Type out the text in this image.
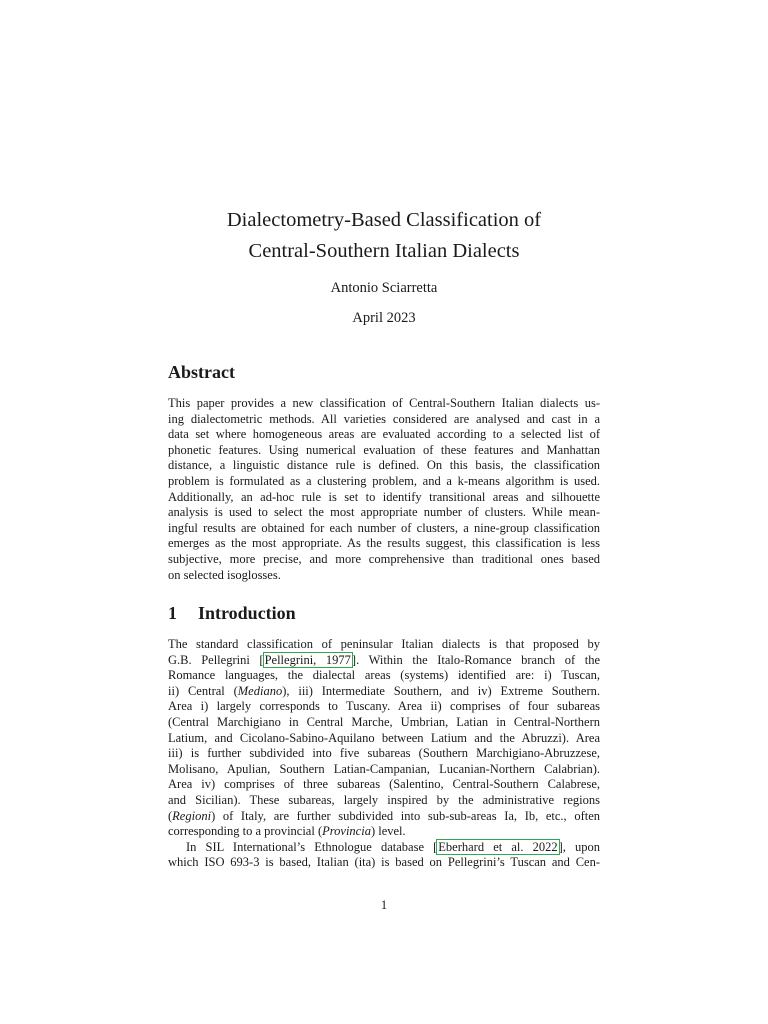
Dialectometry-Based Classification of
Central-Southern Italian Dialects
Antonio Sciarretta
April 2023
Abstract
This paper provides a new classification of Central-Southern Italian dialects us-
ing dialectometric methods. All varieties considered are analysed and cast in a
data set where homogeneous areas are evaluated according to a selected list of
phonetic features. Using numerical evaluation of these features and Manhattan
distance, a linguistic distance rule is defined. On this basis, the classification
problem is formulated as a clustering problem, and a k-means algorithm is used.
Additionally, an ad-hoc rule is set to identify transitional areas and silhouette
analysis is used to select the most appropriate number of clusters. While mean-
ingful results are obtained for each number of clusters, a nine-group classification
emerges as the most appropriate. As the results suggest, this classification is less
subjective, more precise, and more comprehensive than traditional ones based
on selected isoglosses.
1 Introduction
The standard classification of peninsular Italian dialects is that proposed by
G.B. Pellegrini [Pellegrini, 1977]. Within the Italo-Romance branch of the
Romance languages, the dialectal areas (systems) identified are: i) Tuscan,
ii) Central (Mediano), iii) Intermediate Southern, and iv) Extreme Southern.
Area i) largely corresponds to Tuscany. Area ii) comprises of four subareas
(Central Marchigiano in Central Marche, Umbrian, Latian in Central-Northern
Latium, and Cicolano-Sabino-Aquilano between Latium and the Abruzzi). Area
iii) is further subdivided into five subareas (Southern Marchigiano-Abruzzese,
Molisano, Apulian, Southern Latian-Campanian, Lucanian-Northern Calabrian).
Area iv) comprises of three subareas (Salentino, Central-Southern Calabrese,
and Sicilian). These subareas, largely inspired by the administrative regions
(Regioni) of Italy, are further subdivided into sub-sub-areas Ia, Ib, etc., often
corresponding to a provincial (Provincia) level.
In SIL International’s Ethnologue database [Eberhard et al. 2022], upon
which ISO 693-3 is based, Italian (ita) is based on Pellegrini’s Tuscan and Cen-
1
